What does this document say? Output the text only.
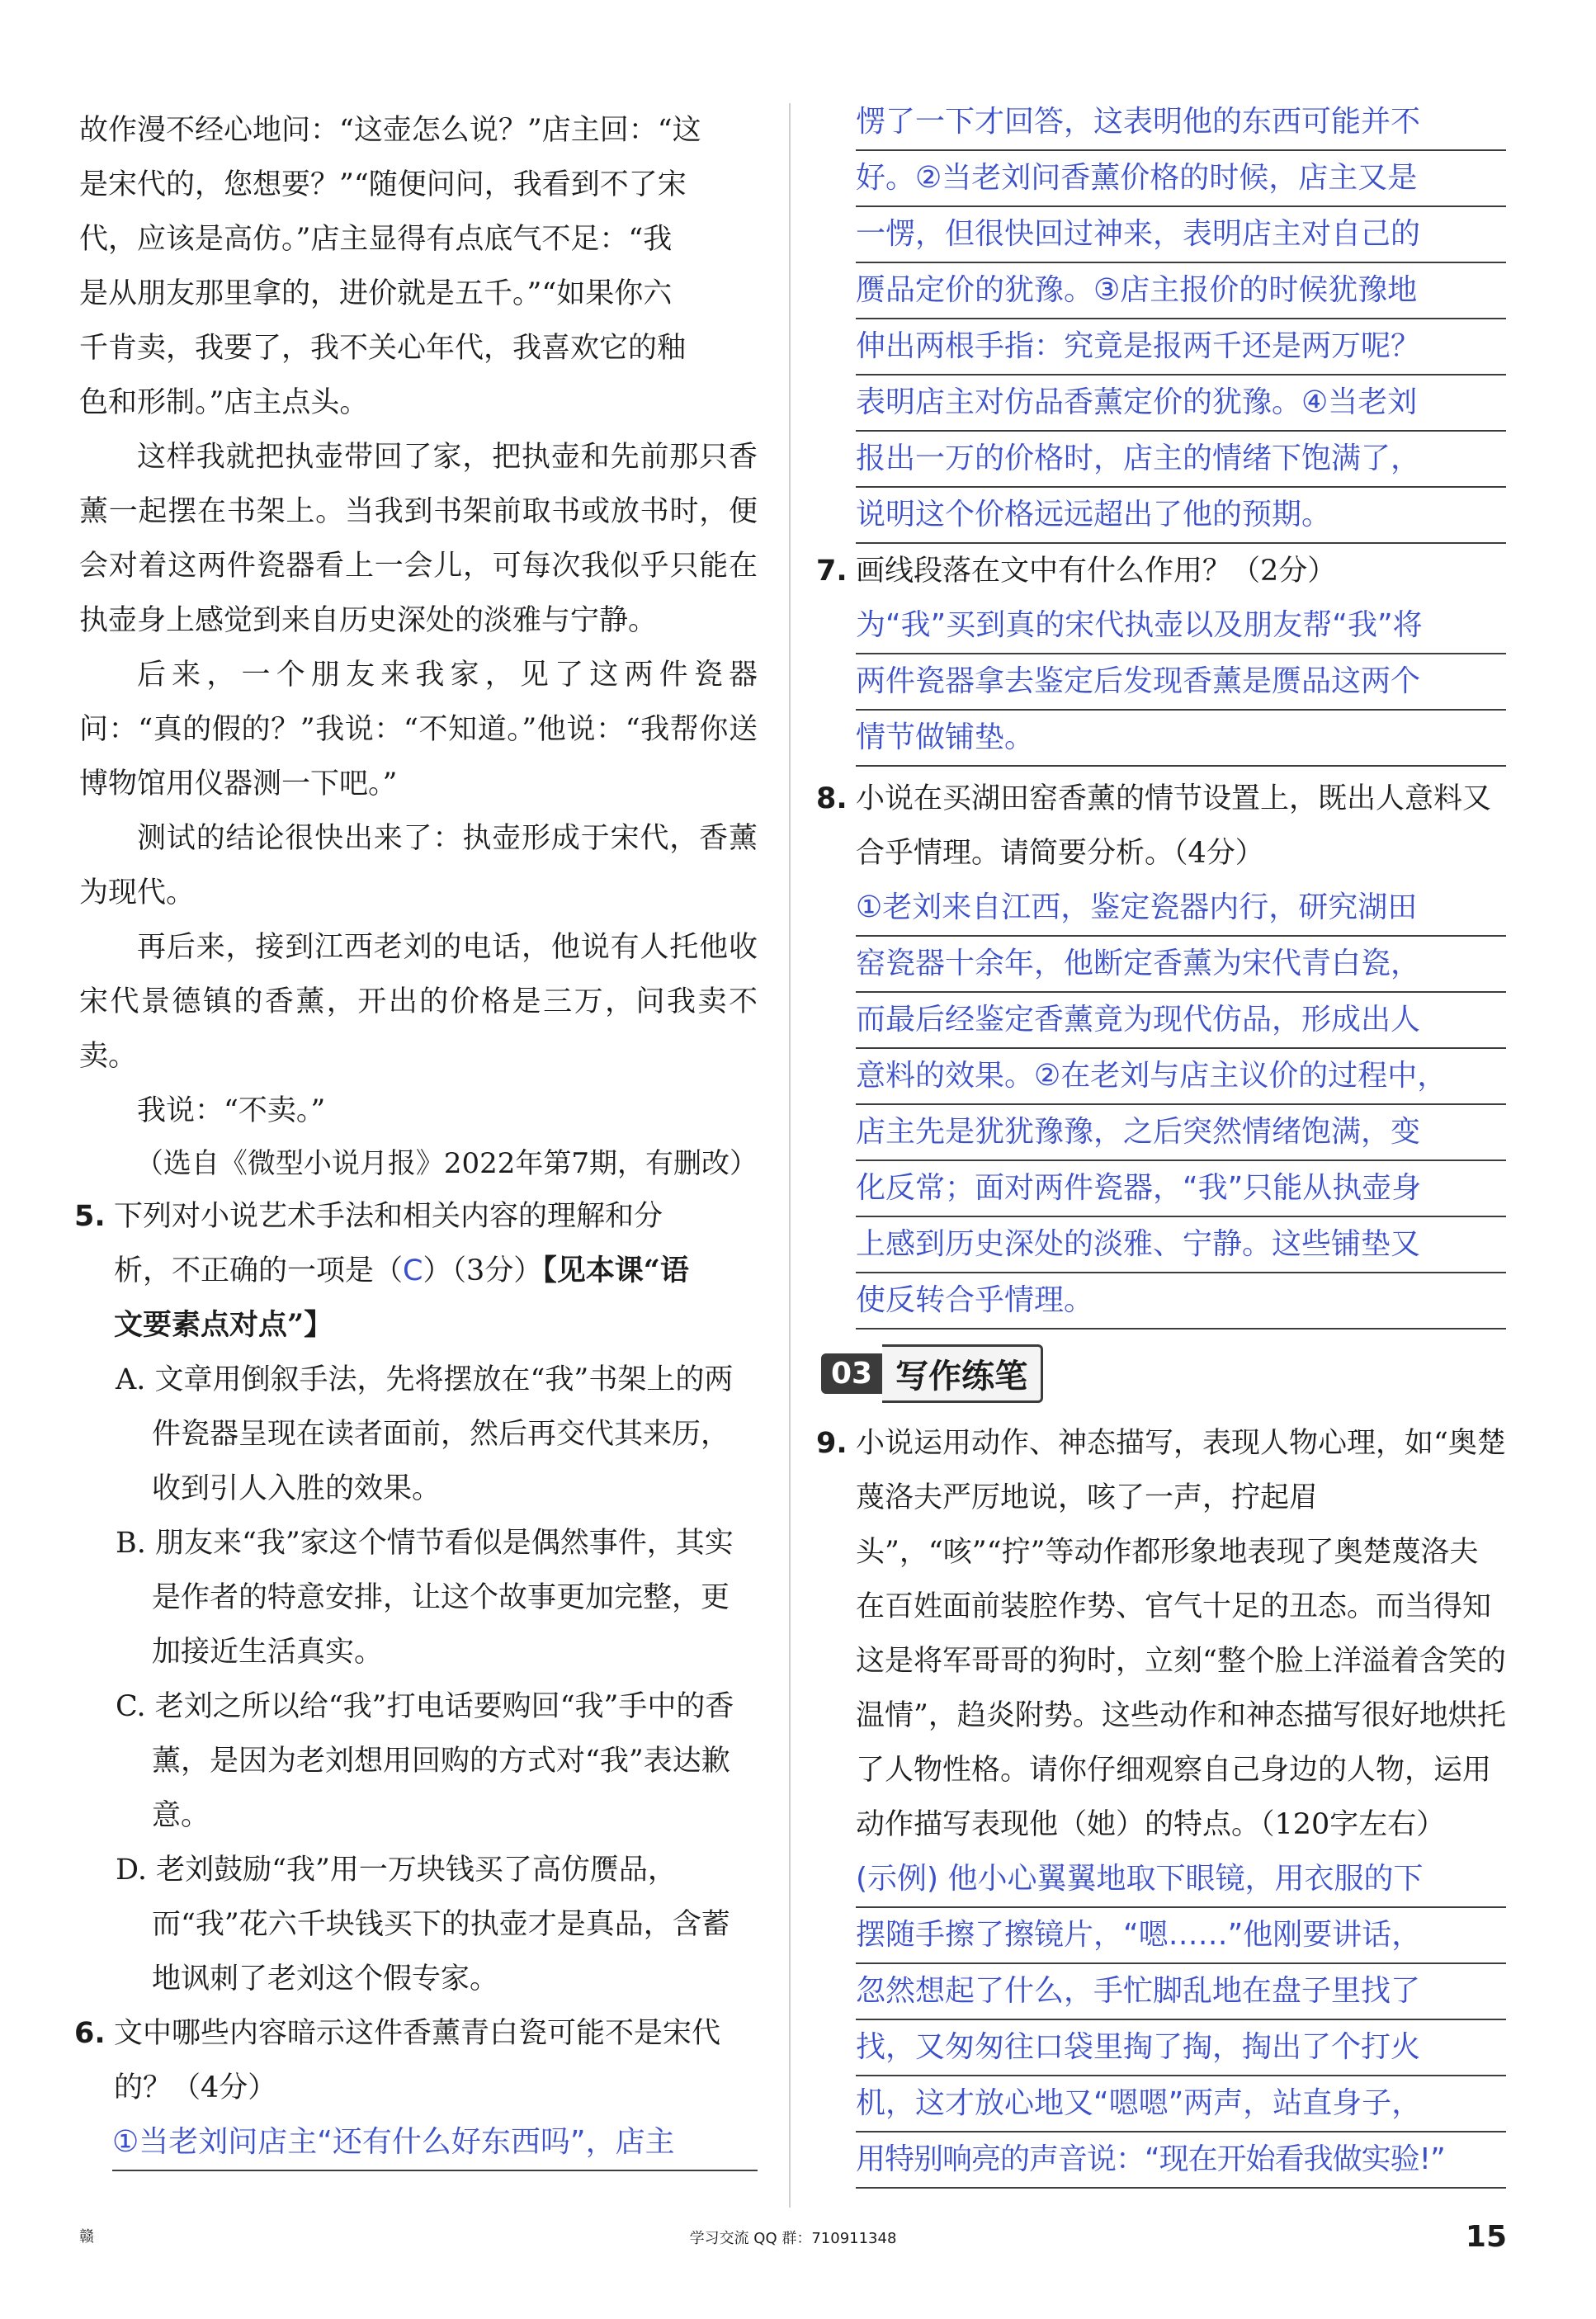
故作漫不经心地问：“这壶怎么说？”店主回：“这

是宋代的，您想要？”“随便问问，我看到不了宋

代，应该是高仿。”店主显得有点底气不足：“我

是从朋友那里拿的，进价就是五千。”“如果你六

千肯卖，我要了，我不关心年代，我喜欢它的釉

色和形制。”店主点头。

这样我就把执壶带回了家，把执壶和先前那只香薰一起摆在书架上。当我到书架前取书或放书时，便会对着这两件瓷器看上一会儿，可每次我似乎只能在执壶身上感觉到来自历史深处的淡雅与宁静。

后来，一个朋友来我家，见了这两件瓷器问：“真的假的？”我说：“不知道。”他说：“我帮你送博物馆用仪器测一下吧。”

测试的结论很快出来了：执壶形成于宋代，香薰为现代。

再后来，接到江西老刘的电话，他说有人托他收宋代景德镇的香薰，开出的价格是三万，问我卖不卖。

我说：“不卖。”

（选自《微型小说月报》2022年第7期，有删改）

5. 下列对小说艺术手法和相关内容的理解和分
析，不正确的一项是（C）（3分）【见本课“语
文要素点对点”】

A. 文章用倒叙手法，先将摆放在“我”书架上的两件瓷器呈现在读者面前，然后再交代其来历，收到引人入胜的效果。

B. 朋友来“我”家这个情节看似是偶然事件，其实是作者的特意安排，让这个故事更加完整，更加接近生活真实。

C. 老刘之所以给“我”打电话要购回“我”手中的香薰，是因为老刘想用回购的方式对“我”表达歉意。

D. 老刘鼓励“我”用一万块钱买了高仿赝品，而“我”花六千块钱买下的执壶才是真品，含蓄地讽刺了老刘这个假专家。

6. 文中哪些内容暗示这件香薰青白瓷可能不是宋代的？（4分）
①当老刘问店主“还有什么好东西吗”，店主
愣了一下才回答，这表明他的东西可能并不
好。②当老刘问香薰价格的时候，店主又是
一愣，但很快回过神来，表明店主对自己的
赝品定价的犹豫。③店主报价的时候犹豫地
伸出两根手指：究竟是报两千还是两万呢？
表明店主对仿品香薰定价的犹豫。④当老刘
报出一万的价格时，店主的情绪下饱满了，
说明这个价格远远超出了他的预期。
7. 画线段落在文中有什么作用？（2分）
为“我”买到真的宋代执壶以及朋友帮“我”将
两件瓷器拿去鉴定后发现香薰是赝品这两个
情节做铺垫。
8. 小说在买湖田窑香薰的情节设置上，既出人意料又合乎情理。请简要分析。（4分）
①老刘来自江西，鉴定瓷器内行，研究湖田
窑瓷器十余年，他断定香薰为宋代青白瓷，
而最后经鉴定香薰竟为现代仿品，形成出人
意料的效果。②在老刘与店主议价的过程中，
店主先是犹犹豫豫，之后突然情绪饱满，变
化反常；面对两件瓷器，“我”只能从执壶身
上感到历史深处的淡雅、宁静。这些铺垫又
使反转合乎情理。
03 写作练笔
9. 小说运用动作、神态描写，表现人物心理，如“奥楚蔑洛夫严厉地说，咳了一声，拧起眉头”，“咳”“拧”等动作都形象地表现了奥楚蔑洛夫在百姓面前装腔作势、官气十足的丑态。而当得知这是将军哥哥的狗时，立刻“整个脸上洋溢着含笑的温情”，趋炎附势。这些动作和神态描写很好地烘托了人物性格。请你仔细观察自己身边的人物，运用动作描写表现他（她）的特点。（120字左右）
(示例) 他小心翼翼地取下眼镜，用衣服的下
摆随手擦了擦镜片，“嗯……”他刚要讲话，
忽然想起了什么，手忙脚乱地在盘子里找了
找，又匆匆往口袋里掏了掏，掏出了个打火
机，这才放心地又“嗯嗯”两声，站直身子，
用特别响亮的声音说：“现在开始看我做实验!”
赣	学习交流 QQ 群：710911348	15
